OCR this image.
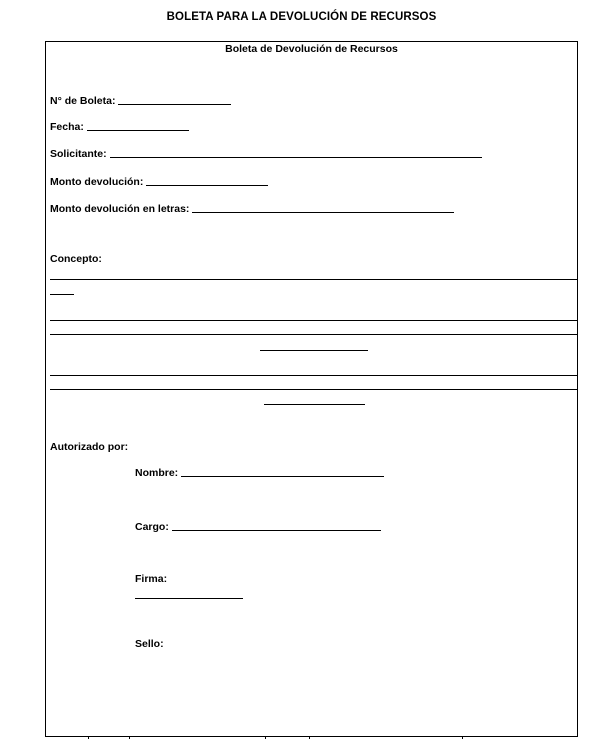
BOLETA PARA LA DEVOLUCIÓN DE RECURSOS
Boleta de Devolución de Recursos
N° de Boleta:
Fecha:
Solicitante:
Monto devolución:
Monto devolución en letras:
Concepto:
Autorizado por:
Nombre:
Cargo:
Firma:
Sello:
